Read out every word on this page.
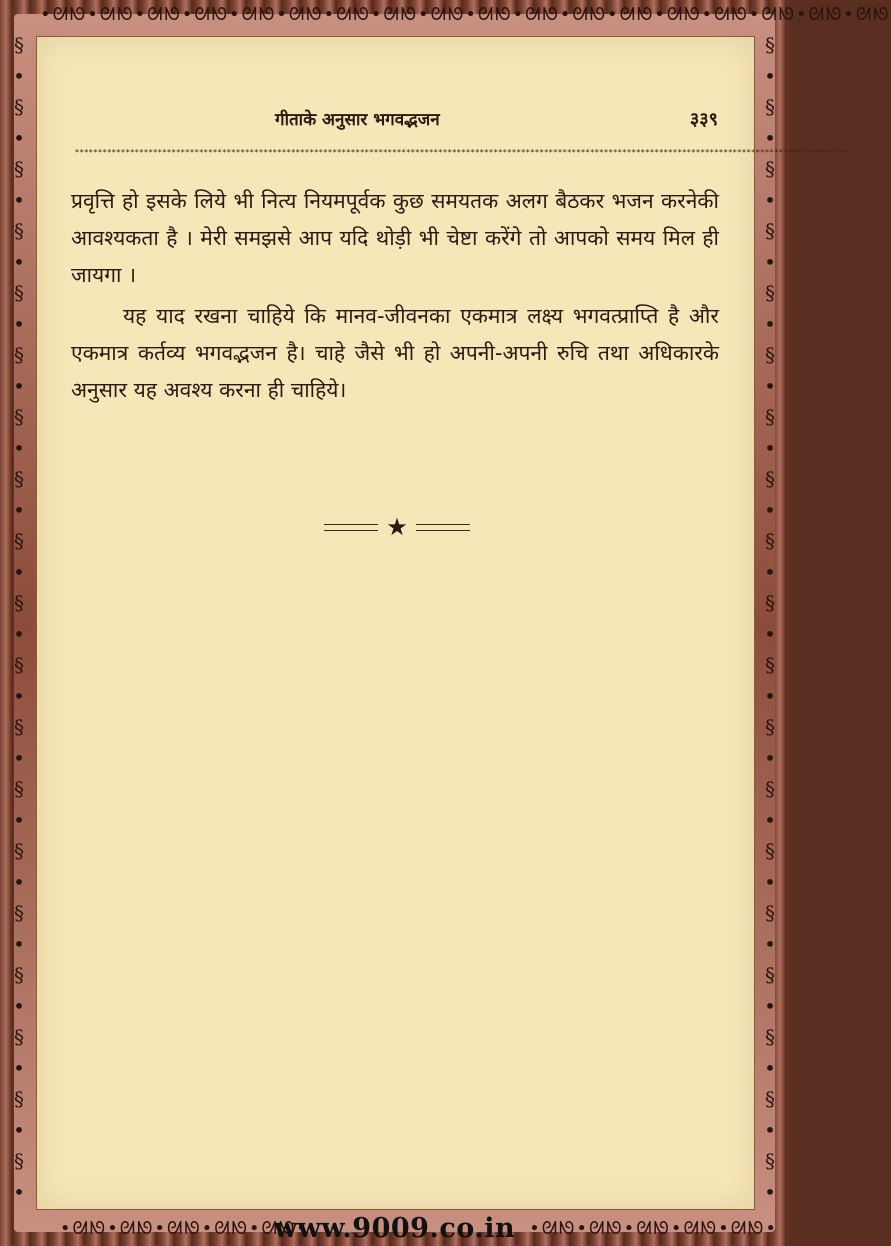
•ᘛᘚ•ᘛᘚ•ᘛᘚ•ᘛᘚ•ᘛᘚ•ᘛᘚ•ᘛᘚ•ᘛᘚ•ᘛᘚ•ᘛᘚ•ᘛᘚ•ᘛᘚ•ᘛᘚ•ᘛᘚ•ᘛᘚ•ᘛᘚ•ᘛᘚ•ᘛᘚ
§
•
§
•
§
•
§
•
§
•
§
•
§
•
§
•
§
•
§
•
§
•
§
•
§
•
§
•
§
•
§
•
§
•
§
•
§
•
§
•
§
•
§
•
§
•
§
•
§
•
§
•
§
•
§
•
§
•
§
•
§
•
§
•
§
•
§
•
§
•
§
•
§
•
§
•
गीताके अनुसार भगवद्भजन	३३९
************************************************************************************************************************************************************************

प्रवृत्ति हो इसके लिये भी नित्य नियमपूर्वक कुछ समयतक अलग बैठकर भजन करनेकी आवश्यकता है । मेरी समझसे आप यदि थोड़ी भी चेष्टा करेंगे तो आपको समय मिल ही जायगा ।

यह याद रखना चाहिये कि मानव-जीवनका एकमात्र लक्ष्य भगवत्प्राप्ति है और एकमात्र कर्तव्य भगवद्भजन है। चाहे जैसे भी हो अपनी-अपनी रुचि तथा अधिकारके अनुसार यह अवश्य करना ही चाहिये।

★
•ᘛᘚ•ᘛᘚ•ᘛᘚ•ᘛᘚ•ᘛᘚ•
www.9009.co.in •ᘛᘚ•ᘛᘚ•ᘛᘚ•ᘛᘚ•ᘛᘚ•
